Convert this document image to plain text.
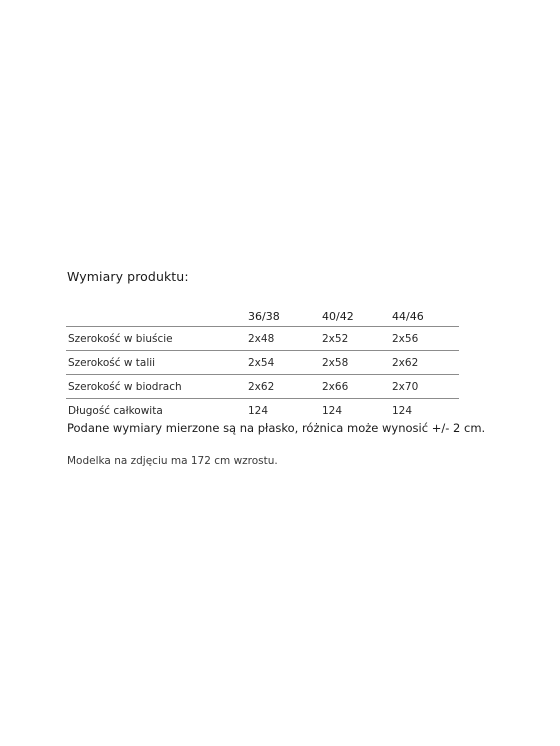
Wymiary produktu:
	36/38	40/42	44/46
Szerokość w biuście	2x48	2x52	2x56
Szerokość w talii	2x54	2x58	2x62
Szerokość w biodrach	2x62	2x66	2x70
Długość całkowita	124	124	124
Podane wymiary mierzone są na płasko, różnica może wynosić +/- 2 cm.
Modelka na zdjęciu ma 172 cm wzrostu.
